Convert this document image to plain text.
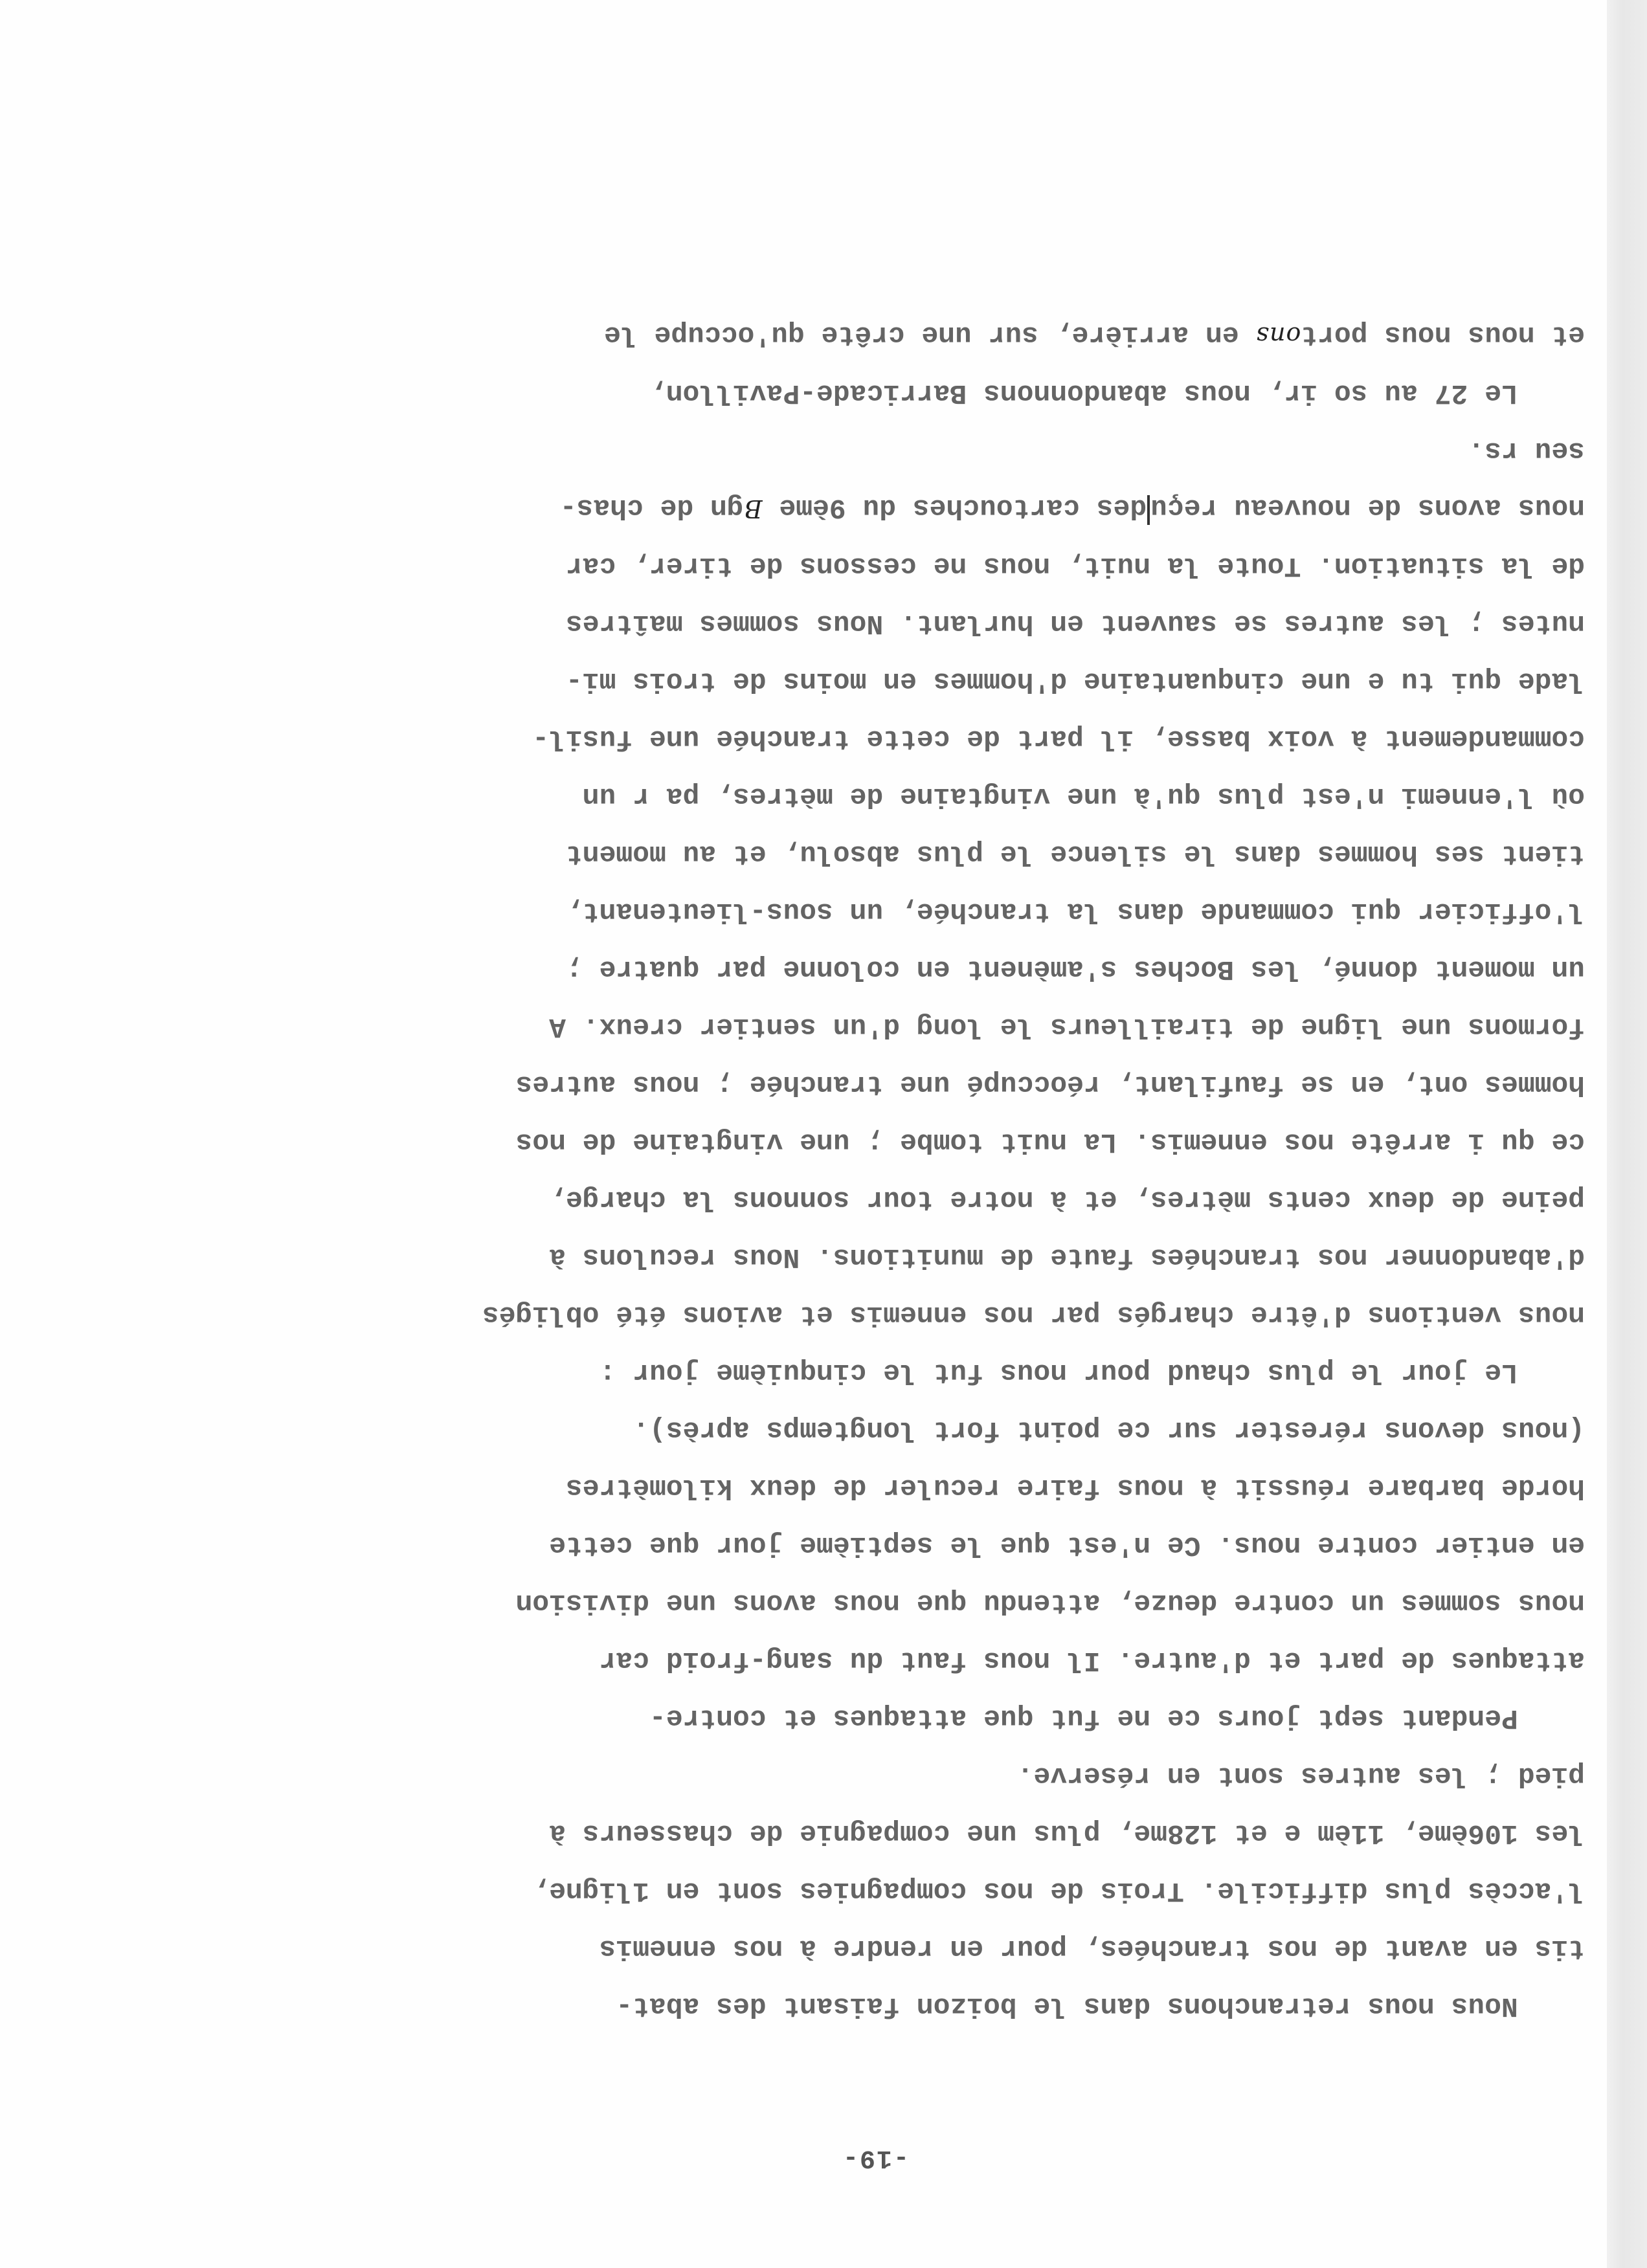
-19-
Nous nous retranchons dans le boizon faisant des abat-
tis en avant de nos tranchées, pour en rendre à nos ennemis
l'accès plus difficile. Trois de nos compagnies sont en 1ligne,
les 106ème, 11èm e et 128me, plus une compagnie de chasseurs à
pied ; les autres sont en réserve.
Pendant sept jours ce ne fut que attaques et contre-
attaques de part et d'autre. Il nous faut du sang-froid car
nous sommes un contre deuze, attendu que nous avons une division
en entier contre nous. Ce n'est que le septième jour que cette
horde barbare réussit à nous faire reculer de deux kilomètres
(nous devons rérester sur ce point fort longtemps après).
Le jour le plus chaud pour nous fut le cinquième jour :
nous ventions d'être chargés par nos ennemis et avions été obligés
d'abandonner nos tranchées faute de munitions. Nous reculons à
peine de deux cents mètres, et à notre tour sonnons la charge,
ce qu i arrête nos ennemis. La nuit tombe ; une vingtaine de nos
hommes ont, en se faufilant, réoccupé une tranchée ; nous autres
formons une ligne de tirailleurs le long d'un sentier creux. A
un moment donné, les Boches s'amènent en colonne par quatre ;
l'officier qui commande dans la tranchée, un sous-lieutenant,
tient ses hommes dans le silence le plus absolu, et au moment
où l'ennemi n'est plus qu'à une vingtaine de mètres, pa r un
commandement à voix basse, il part de cette tranchée une fusil-
lade qui tu e une cinquantaine d'hommes en moins de trois mi-
nutes ; les autres se sauvent en hurlant. Nous sommes maîtres
de la situation. Toute la nuit, nous ne cessons de tirer, car
nous avons de nouveau reçudes cartouches du 9ème Bgn de chas-
seu rs.
Le 27 au so ir, nous abandonnons Barricade-Pavillon,
et nous nous portons en arrière, sur une crête qu'occupe le
